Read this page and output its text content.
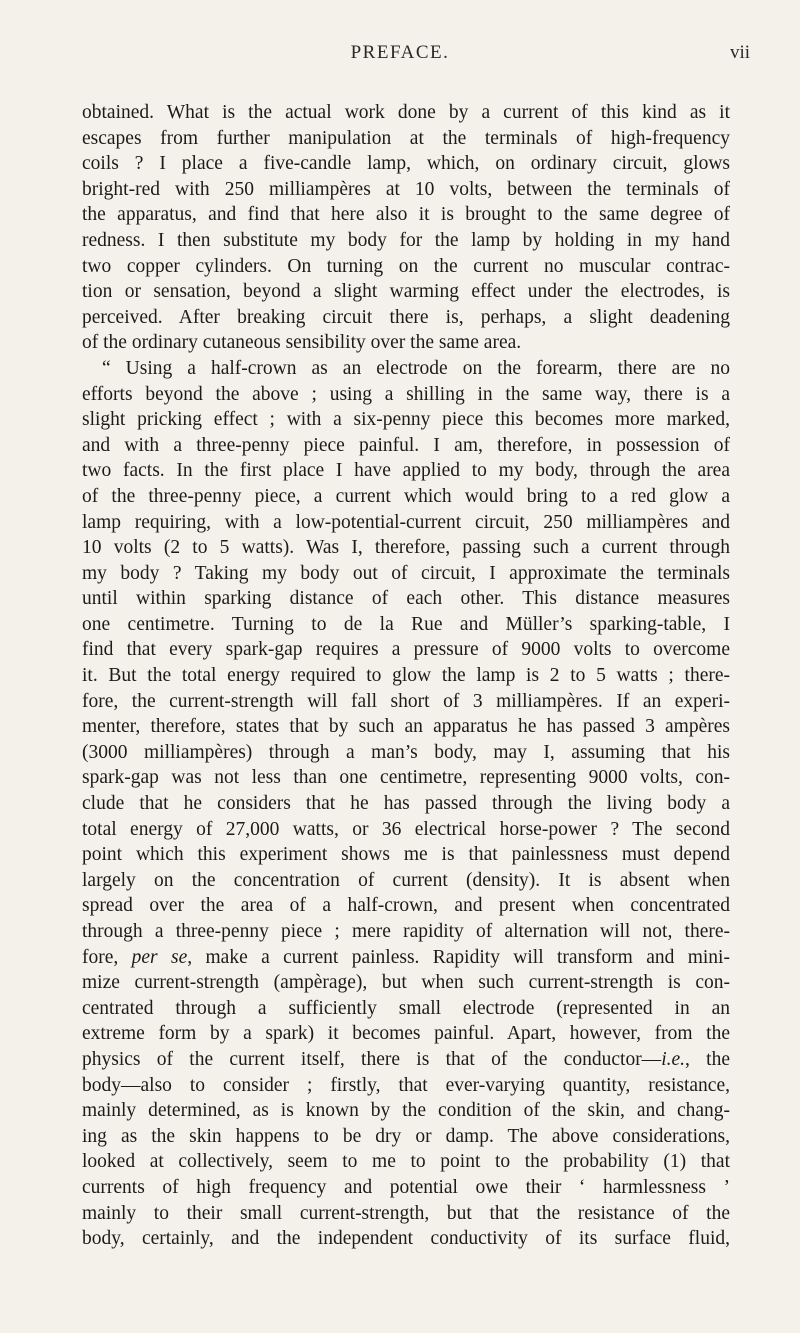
PREFACE.	vii
obtained. What is the actual work done by a current of this kind as it
escapes from further manipulation at the terminals of high-frequency
coils ? I place a five-candle lamp, which, on ordinary circuit, glows
bright-red with 250 milliampères at 10 volts, between the terminals of
the apparatus, and find that here also it is brought to the same degree of
redness. I then substitute my body for the lamp by holding in my hand
two copper cylinders. On turning on the current no muscular contrac-
tion or sensation, beyond a slight warming effect under the electrodes, is
perceived. After breaking circuit there is, perhaps, a slight deadening
of the ordinary cutaneous sensibility over the same area.
“ Using a half-crown as an electrode on the forearm, there are no
efforts beyond the above ; using a shilling in the same way, there is a
slight pricking effect ; with a six-penny piece this becomes more marked,
and with a three-penny piece painful. I am, therefore, in possession of
two facts. In the first place I have applied to my body, through the area
of the three-penny piece, a current which would bring to a red glow a
lamp requiring, with a low-potential-current circuit, 250 milliampères and
10 volts (2 to 5 watts). Was I, therefore, passing such a current through
my body ? Taking my body out of circuit, I approximate the terminals
until within sparking distance of each other. This distance measures
one centimetre. Turning to de la Rue and Müller’s sparking-table, I
find that every spark-gap requires a pressure of 9000 volts to overcome
it. But the total energy required to glow the lamp is 2 to 5 watts ; there-
fore, the current-strength will fall short of 3 milliampères. If an experi-
menter, therefore, states that by such an apparatus he has passed 3 ampères
(3000 milliampères) through a man’s body, may I, assuming that his
spark-gap was not less than one centimetre, representing 9000 volts, con-
clude that he considers that he has passed through the living body a
total energy of 27,000 watts, or 36 electrical horse-power ? The second
point which this experiment shows me is that painlessness must depend
largely on the concentration of current (density). It is absent when
spread over the area of a half-crown, and present when concentrated
through a three-penny piece ; mere rapidity of alternation will not, there-
fore, per se, make a current painless. Rapidity will transform and mini-
mize current-strength (ampèrage), but when such current-strength is con-
centrated through a sufficiently small electrode (represented in an
extreme form by a spark) it becomes painful. Apart, however, from the
physics of the current itself, there is that of the conductor—i.e., the
body—also to consider ; firstly, that ever-varying quantity, resistance,
mainly determined, as is known by the condition of the skin, and chang-
ing as the skin happens to be dry or damp. The above considerations,
looked at collectively, seem to me to point to the probability (1) that
currents of high frequency and potential owe their ‘ harmlessness ’
mainly to their small current-strength, but that the resistance of the
body, certainly, and the independent conductivity of its surface fluid,
